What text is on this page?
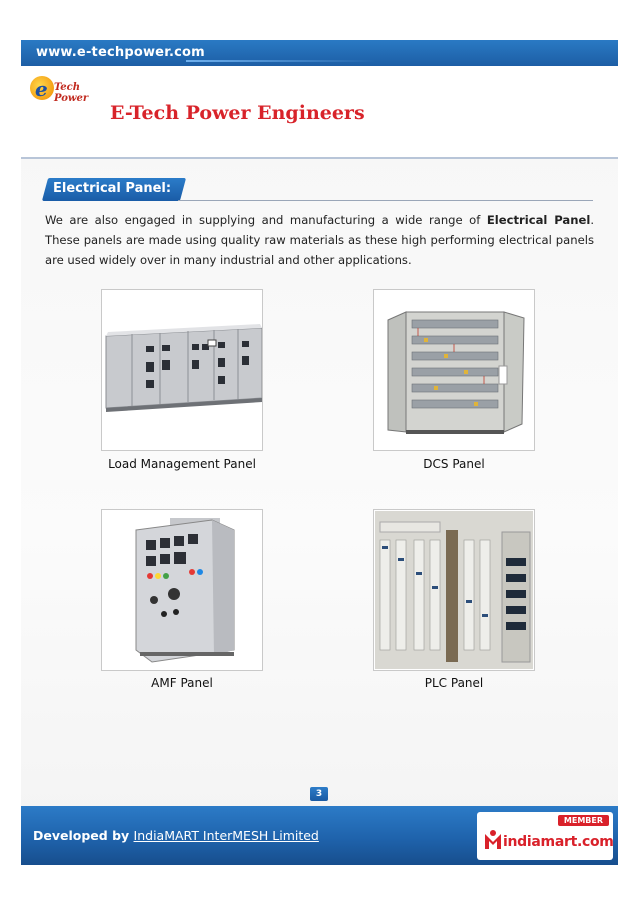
www.e-techpower.com
e Tech Power
E-Tech Power Engineers
Electrical Panel:
We are also engaged in supplying and manufacturing a wide range of Electrical Panel. These panels are made using quality raw materials as these high performing electrical panels are used widely over in many industrial and other applications.
Load Management Panel	DCS Panel
AMF Panel	PLC Panel
3
Developed by IndiaMART InterMESH Limited
MEMBER
indiamart.com
